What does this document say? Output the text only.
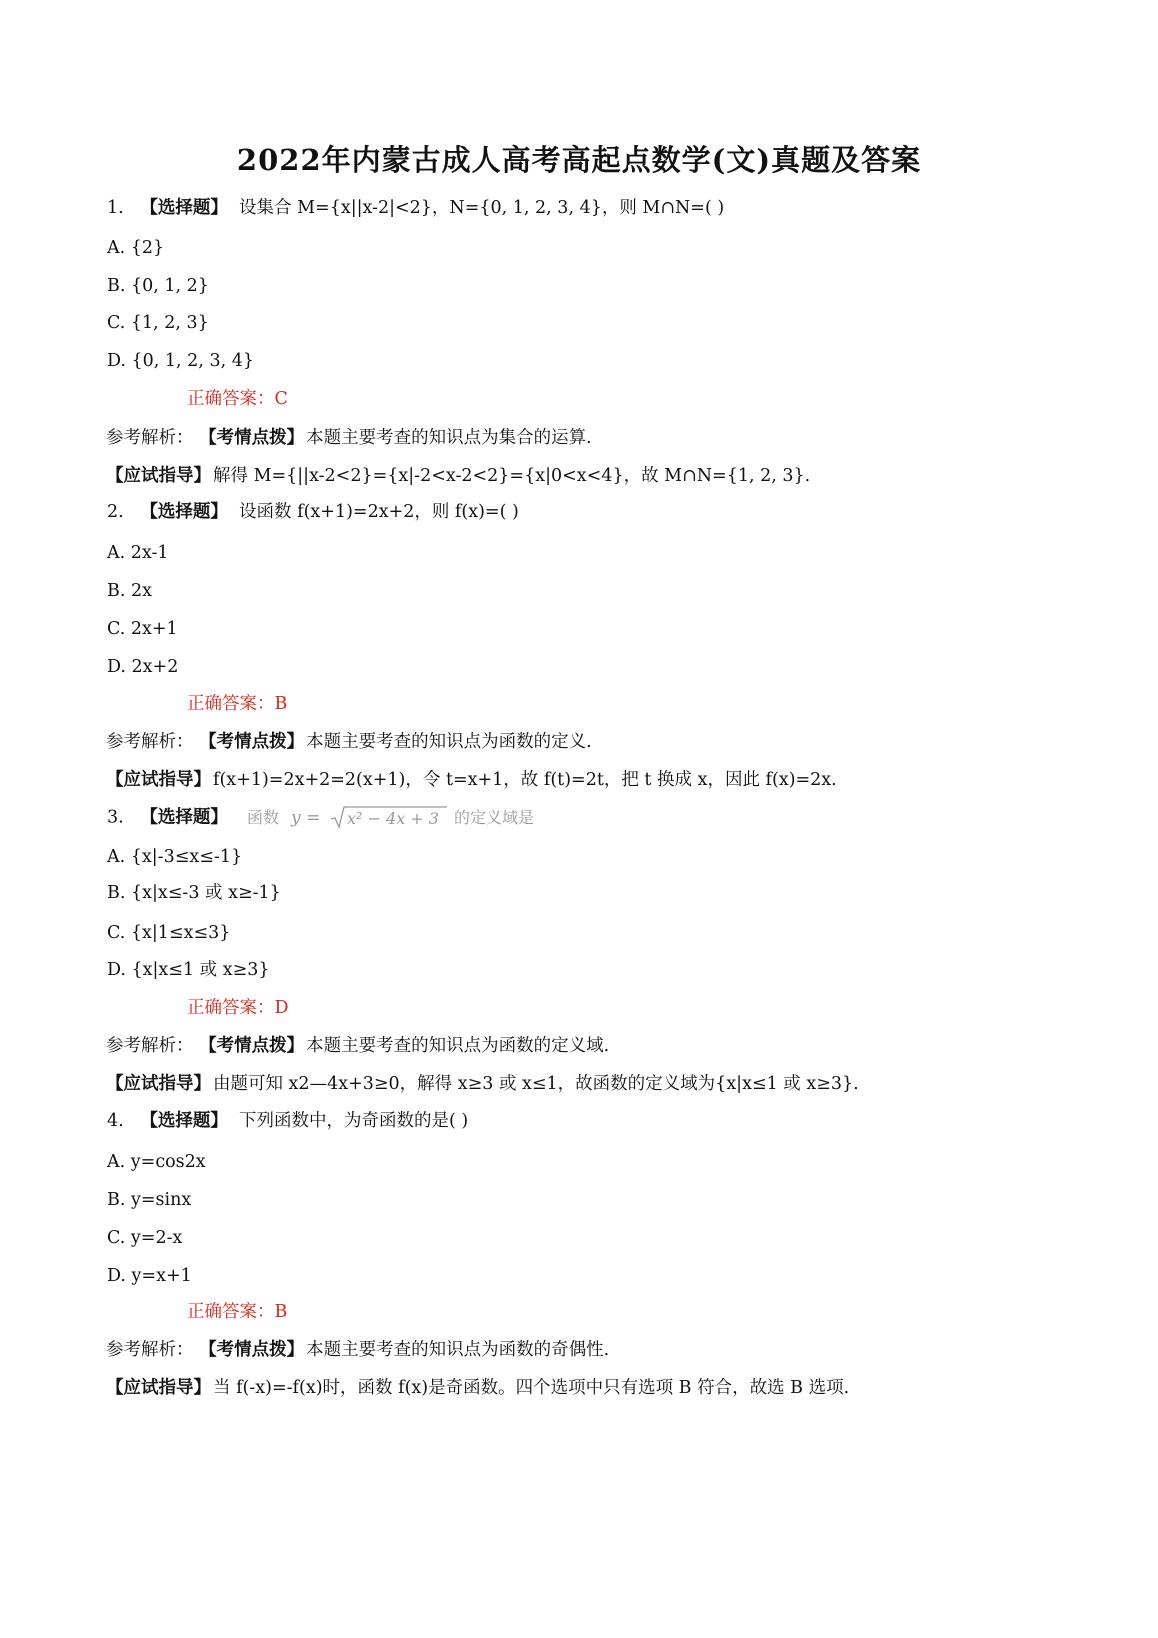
2022年内蒙古成人高考高起点数学(文)真题及答案
1. 【选择题】 设集合 M={x||x-2|<2}，N={0, 1, 2, 3, 4}，则 M∩N=( )
A. {2}
B. {0, 1, 2}
C. {1, 2, 3}
D. {0, 1, 2, 3, 4}
正确答案：C
参考解析： 【考情点拨】 本题主要考查的知识点为集合的运算.
【应试指导】 解得 M={||x-2<2}={x|-2<x-2<2}={x|0<x<4}，故 M∩N={1, 2, 3}.
2. 【选择题】 设函数 f(x+1)=2x+2，则 f(x)=( )
A. 2x-1
B. 2x
C. 2x+1
D. 2x+2
正确答案：B
参考解析： 【考情点拨】 本题主要考查的知识点为函数的定义.
【应试指导】 f(x+1)=2x+2=2(x+1)，令 t=x+1，故 f(t)=2t，把 t 换成 x，因此 f(x)=2x.
3. 【选择题】 函数 y = x² − 4x + 3 的定义域是
A. {x|-3≤x≤-1}
B. {x|x≤-3 或 x≥-1}
C. {x|1≤x≤3}
D. {x|x≤1 或 x≥3}
正确答案：D
参考解析： 【考情点拨】 本题主要考查的知识点为函数的定义域.
【应试指导】 由题可知 x2—4x+3≥0，解得 x≥3 或 x≤1，故函数的定义域为{x|x≤1 或 x≥3}.
4. 【选择题】 下列函数中，为奇函数的是( )
A. y=cos2x
B. y=sinx
C. y=2-x
D. y=x+1
正确答案：B
参考解析： 【考情点拨】 本题主要考查的知识点为函数的奇偶性.
【应试指导】 当 f(-x)=-f(x)时，函数 f(x)是奇函数。四个选项中只有选项 B 符合，故选 B 选项.
